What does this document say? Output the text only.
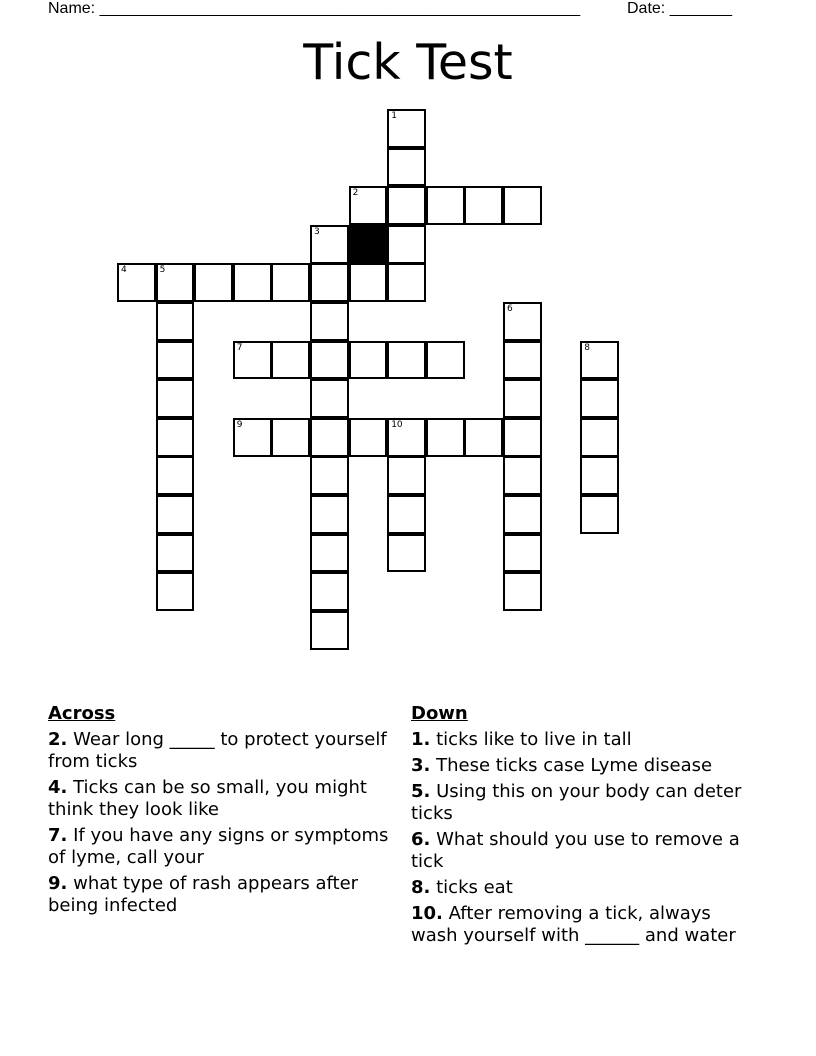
Name: ______________________________________________________	Date: _______
Tick Test
1
2
3
4	5
6
7	8
9	10
Across
2. Wear long _____ to protect yourself from ticks
4. Ticks can be so small, you might think they look like
7. If you have any signs or symptoms of lyme, call your
9. what type of rash appears after being infected
Down
1. ticks like to live in tall
3. These ticks case Lyme disease
5. Using this on your body can deter ticks
6. What should you use to remove a tick
8. ticks eat
10. After removing a tick, always wash yourself with ______ and water
